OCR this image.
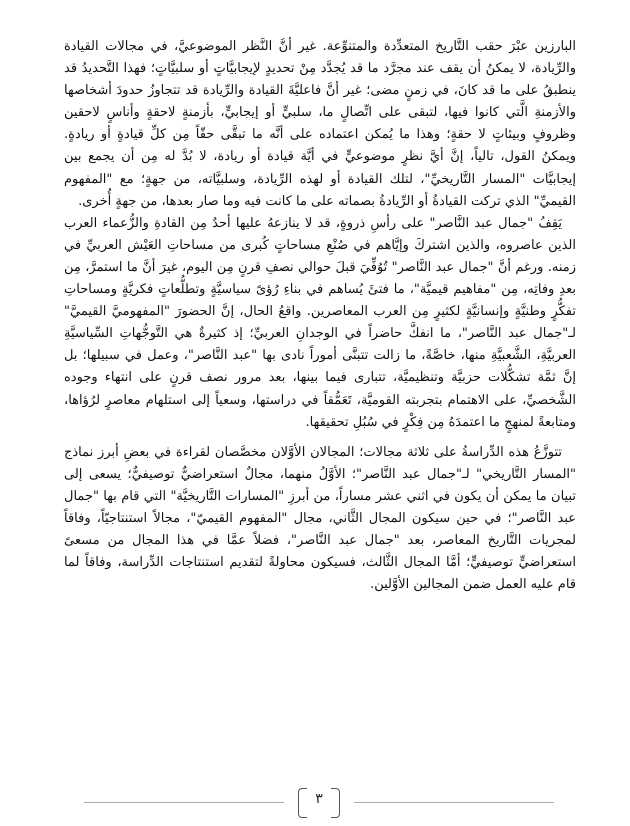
البارزين عبْرَ حقب التَّاريخ المتعدِّدة والمتنوِّعة. غير أنَّ النَّظر الموضوعيَّ، في مجالات القيادة والرِّيادة، لا يمكنُ أن يقف عند مجرَّد ما قد يُجدَّد مِنْ تحديدٍ لإيجابيَّاتٍ أو سلبيَّاتٍ؛ فهذا التَّحديدُ قد ينطبقُ على ما قد كانَ، في زمنٍ مضى؛ غير أنَّ فاعليَّةَ القيادة والرِّيادة قد تتجاوزُ حدودَ أشخاصها والأزمنةِ الَّتي كانوا فيها، لتبقى على اتِّصالٍ ما، سلبيٍّ أو إيجابيٍّ، بأزمنةٍ لاحقةٍ وأناسٍ لاحقين وظروفٍ وبيئاتٍ لا حقةٍ؛ وهذا ما يُمكن اعتماده على أنَّه ما تبقَّى حقّاً مِن كلِّ قيادةٍ أو ريادةٍ. ويمكنُ القول، تالياً، إنَّ أيَّ نظرٍ موضوعيٍّ في أيَّة قيادة أو ريادة، لا بُدَّ له مِن أن يجمع بين إيجابيَّات "المسار التَّاريخيِّ"، لتلك القيادة أو لهذه الرِّيادة، وسلبيَّاته، من جهةٍ؛ مع "المفهوم القيميِّ" الذي تركت القيادةُ أو الرِّيادةُ بصماته على ما كانت فيه وما صار بعدها، من جهةٍ أُخرى.

يَقِفُ "جمال عبد النَّاصر" على رأسِ ذروةٍ، قد لا ينازعهُ عليها أحدٌ مِن القادةِ والزُّعماء العرب الذين عاصروه، والذين اشتركَ وإيَّاهم في صُنْعِ مساحاتٍ كُبرى من مساحاتِ العَيْش العربيِّ في زمنه. ورغم أنَّ "جمال عبد النَّاصر" تُوُفِّيَ قبلَ حوالي نصفِ قرنٍ مِن اليوم، غيرَ أنَّ ما استمرَّ، مِن بعدِ وفاتِه، مِن "مفاهيم قيميَّة"، ما فتئَ يُساهم في بناءِ رُؤىً سياسيَّةٍ وتطلُّعاتٍ فكريَّةٍ ومساحاتِ تفكُّرٍ وطنيَّةٍ وإنسانيَّةٍ لكثيرٍ مِن العرب المعاصرين. واقعُ الحال، إنَّ الحضورَ "المفهوميَّ القيميَّ" لـ"جمال عبد النَّاصر"، ما انفكَّ حاضراً في الوجدانِ العربيِّ؛ إذ كثيرةٌ هي التَّوجُّهاتِ السِّياسيَّةِ العربيَّةِ، الشَّعبيَّةِ منها، خاصَّةً، ما زالت تتبنَّى أموراً نادى بها "عبد النَّاصر"، وعمل في سبيلها؛ بل إنَّ ثمَّة تشكُّلات حزبيَّة وتنظيميَّة، تتبارى فيما بينها، بعد مرور نصف قرنٍ على انتهاء وجوده الشَّخصيِّ، على الاهتمام بتجربته القوميَّة، تَعَمُّقاً في دراستها، وسعياً إلى استلهام معاصرٍ لرُؤاها، ومتابعةً لمنهجٍ ما اعتمدَهُ مِن فِكْرٍ في سُبُلِ تحقيقها.

تتوزَّعُ هذه الدِّراسةُ على ثلاثة مجالات؛ المجالان الأوَّلان مخصَّصان لقراءة في بعضِ أبرز نماذج "المسار التَّاريخي" لـ"جمال عبد النَّاصر"؛ الأوَّلُ منهما، مجالٌ استعراضيٌّ توصيفيٌّ؛ يسعى إلى تبيان ما يمكن أن يكون في اثني عشر مساراً، من أبرزِ "المسارات التَّاريخيَّة" التي قام بها "جمال عبد النَّاصر"؛ في حين سيكون المجال الثَّاني، مجال "المفهوم القيميّ"، مجالاً استنتاجيّاً، وفاقاً لمجريات التَّاريخ المعاصر، بعد "جمال عبد النَّاصر"، فضلاً عمَّا في هذا المجال من مسعىً استعراضيٍّ توصيفيٍّ؛ أمَّا المجال الثَّالث، فسيكون محاولةً لتقديم استنتاجات الدِّراسة، وفاقاً لما قام عليه العمل ضمن المجالين الأوَّلين.

٣
